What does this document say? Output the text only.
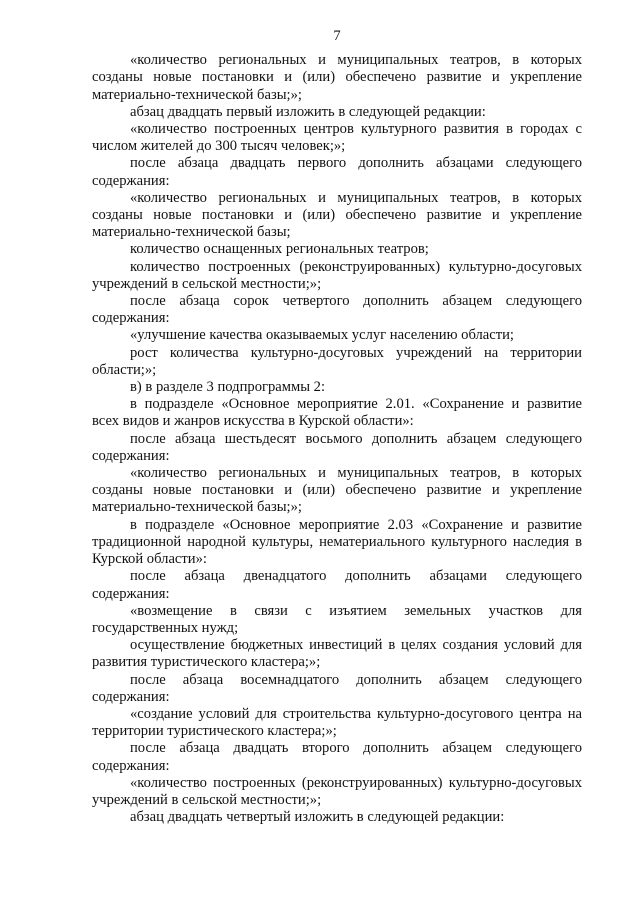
7

«количество региональных и муниципальных театров, в которых созданы новые постановки и (или) обеспечено развитие и укрепление материально-технической базы;»;

абзац двадцать первый изложить в следующей редакции:

«количество построенных центров культурного развития в городах с числом жителей до 300 тысяч человек;»;

после абзаца двадцать первого дополнить абзацами следующего содержания:

«количество региональных и муниципальных театров, в которых созданы новые постановки и (или) обеспечено развитие и укрепление материально-технической базы;

количество оснащенных региональных театров;

количество построенных (реконструированных) культурно-досуговых учреждений в сельской местности;»;

после абзаца сорок четвертого дополнить абзацем следующего содержания:

«улучшение качества оказываемых услуг населению области;

рост количества культурно-досуговых учреждений на территории области;»;

в) в разделе 3 подпрограммы 2:

в подразделе «Основное мероприятие 2.01. «Сохранение и развитие всех видов и жанров искусства в Курской области»:

после абзаца шестьдесят восьмого дополнить абзацем следующего содержания:

«количество региональных и муниципальных театров, в которых созданы новые постановки и (или) обеспечено развитие и укрепление материально-технической базы;»;

в подразделе «Основное мероприятие 2.03 «Сохранение и развитие традиционной народной культуры, нематериального культурного наследия в Курской области»:

после абзаца двенадцатого дополнить абзацами следующего содержания:

«возмещение в связи с изъятием земельных участков для государственных нужд;

осуществление бюджетных инвестиций в целях создания условий для развития туристического кластера;»;

после абзаца восемнадцатого дополнить абзацем следующего содержания:

«создание условий для строительства культурно-досугового центра на территории туристического кластера;»;

после абзаца двадцать второго дополнить абзацем следующего содержания:

«количество построенных (реконструированных) культурно-досуговых учреждений в сельской местности;»;

абзац двадцать четвертый изложить в следующей редакции:
